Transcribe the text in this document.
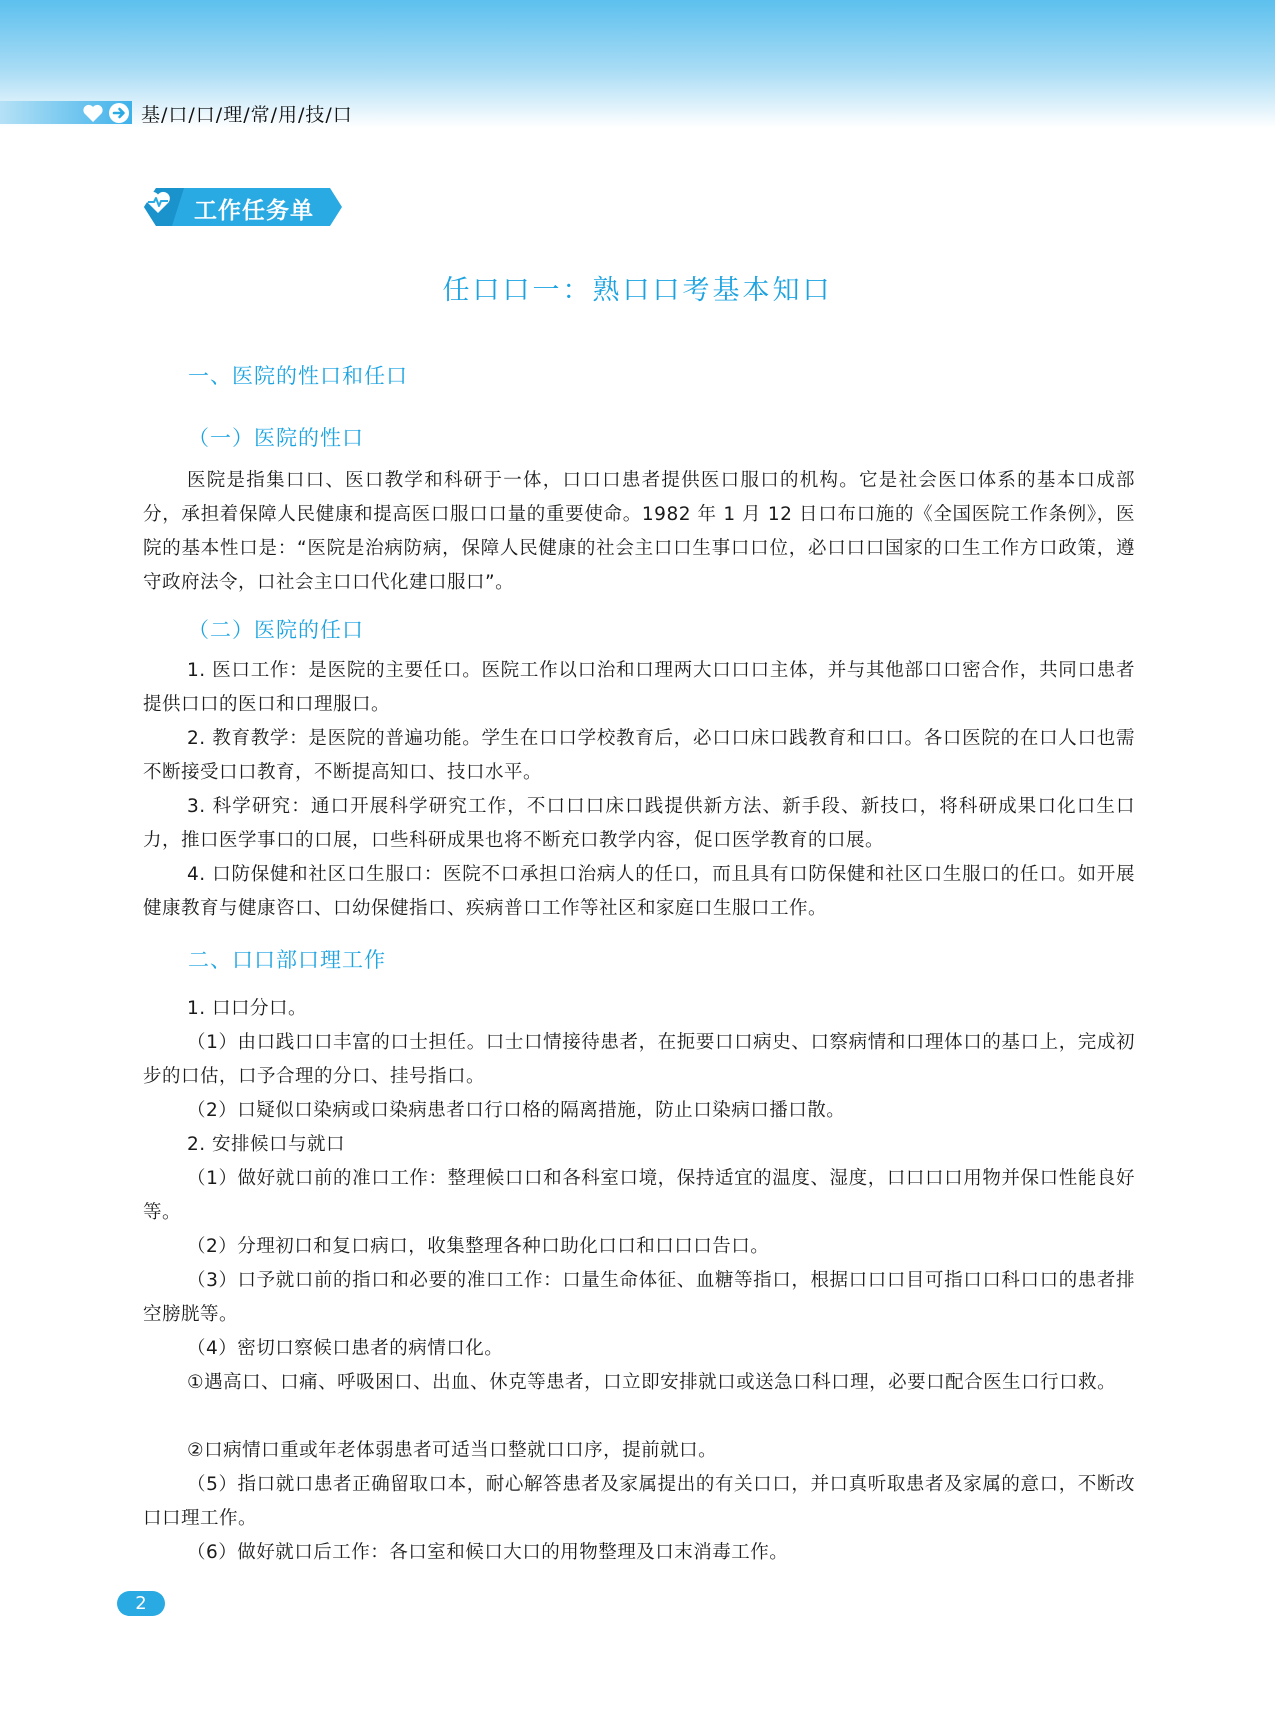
基/口/口/理/常/用/技/口
工作任务单
任口口一：熟口口考基本知口
一、医院的性口和任口
（一）医院的性口

医院是指集口口、医口教学和科研于一体，口口口患者提供医口服口的机构。它是社会医口体系的基本口成部分，承担着保障人民健康和提高医口服口口量的重要使命。1982 年 1 月 12 日口布口施的《全国医院工作条例》，医院的基本性口是：“医院是治病防病，保障人民健康的社会主口口生事口口位，必口口口国家的口生工作方口政策，遵守政府法令，口社会主口口代化建口服口”。

（二）医院的任口

1. 医口工作：是医院的主要任口。医院工作以口治和口理两大口口口主体，并与其他部口口密合作，共同口患者提供口口的医口和口理服口。

2. 教育教学：是医院的普遍功能。学生在口口学校教育后，必口口床口践教育和口口。各口医院的在口人口也需不断接受口口教育，不断提高知口、技口水平。

3. 科学研究：通口开展科学研究工作，不口口口床口践提供新方法、新手段、新技口，将科研成果口化口生口力，推口医学事口的口展，口些科研成果也将不断充口教学内容，促口医学教育的口展。

4. 口防保健和社区口生服口：医院不口承担口治病人的任口，而且具有口防保健和社区口生服口的任口。如开展健康教育与健康咨口、口幼保健指口、疾病普口工作等社区和家庭口生服口工作。

二、口口部口理工作

1. 口口分口。

（1）由口践口口丰富的口士担任。口士口情接待患者，在扼要口口病史、口察病情和口理体口的基口上，完成初步的口估，口予合理的分口、挂号指口。

（2）口疑似口染病或口染病患者口行口格的隔离措施，防止口染病口播口散。

2. 安排候口与就口

（1）做好就口前的准口工作：整理候口口和各科室口境，保持适宜的温度、湿度，口口口口用物并保口性能良好等。

（2）分理初口和复口病口，收集整理各种口助化口口和口口口告口。

（3）口予就口前的指口和必要的准口工作：口量生命体征、血糖等指口，根据口口口目可指口口科口口的患者排空膀胱等。

（4）密切口察候口患者的病情口化。

①遇高口、口痛、呼吸困口、出血、休克等患者，口立即安排就口或送急口科口理，必要口配合医生口行口救。

②口病情口重或年老体弱患者可适当口整就口口序，提前就口。

（5）指口就口患者正确留取口本，耐心解答患者及家属提出的有关口口，并口真听取患者及家属的意口，不断改口口理工作。

（6）做好就口后工作：各口室和候口大口的用物整理及口末消毒工作。

2
